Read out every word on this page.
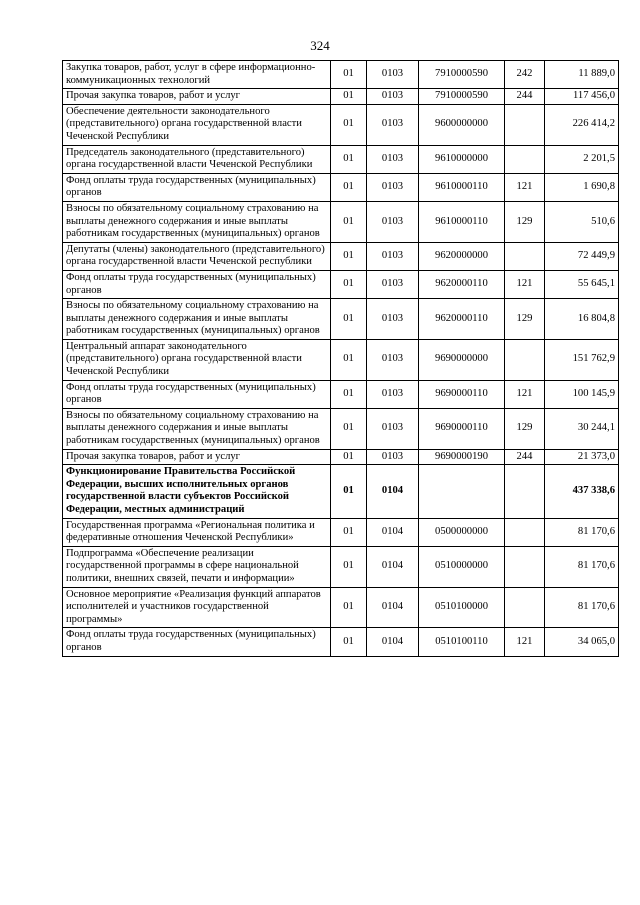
324
Закупка товаров, работ, услуг в сфере информационно-коммуникационных технологий	01	0103	7910000590	242	11 889,0
Прочая закупка товаров, работ и услуг	01	0103	7910000590	244	117 456,0
Обеспечение деятельности законодательного (представительного) органа государственной власти Чеченской Республики	01	0103	9600000000		226 414,2
Председатель законодательного (представительного) органа государственной власти Чеченской Республики	01	0103	9610000000		2 201,5
Фонд оплаты труда государственных (муниципальных) органов	01	0103	9610000110	121	1 690,8
Взносы по обязательному социальному страхованию на выплаты денежного содержания и иные выплаты работникам государственных (муниципальных) органов	01	0103	9610000110	129	510,6
Депутаты (члены) законодательного (представительного) органа государственной власти Чеченской республики	01	0103	9620000000		72 449,9
Фонд оплаты труда государственных (муниципальных) органов	01	0103	9620000110	121	55 645,1
Взносы по обязательному социальному страхованию на выплаты денежного содержания и иные выплаты работникам государственных (муниципальных) органов	01	0103	9620000110	129	16 804,8
Центральный аппарат законодательного (представительного) органа государственной власти Чеченской Республики	01	0103	9690000000		151 762,9
Фонд оплаты труда государственных (муниципальных) органов	01	0103	9690000110	121	100 145,9
Взносы по обязательному социальному страхованию на выплаты денежного содержания и иные выплаты работникам государственных (муниципальных) органов	01	0103	9690000110	129	30 244,1
Прочая закупка товаров, работ и услуг	01	0103	9690000190	244	21 373,0
Функционирование Правительства Российской Федерации, высших исполнительных органов государственной власти субъектов Российской Федерации, местных администраций	01	0104			437 338,6
Государственная программа «Региональная политика и федеративные отношения Чеченской Республики»	01	0104	0500000000		81 170,6
Подпрограмма «Обеспечение реализации государственной программы в сфере национальной политики, внешних связей, печати и информации»	01	0104	0510000000		81 170,6
Основное мероприятие «Реализация функций аппаратов исполнителей и участников государственной программы»	01	0104	0510100000		81 170,6
Фонд оплаты труда государственных (муниципальных) органов	01	0104	0510100110	121	34 065,0
